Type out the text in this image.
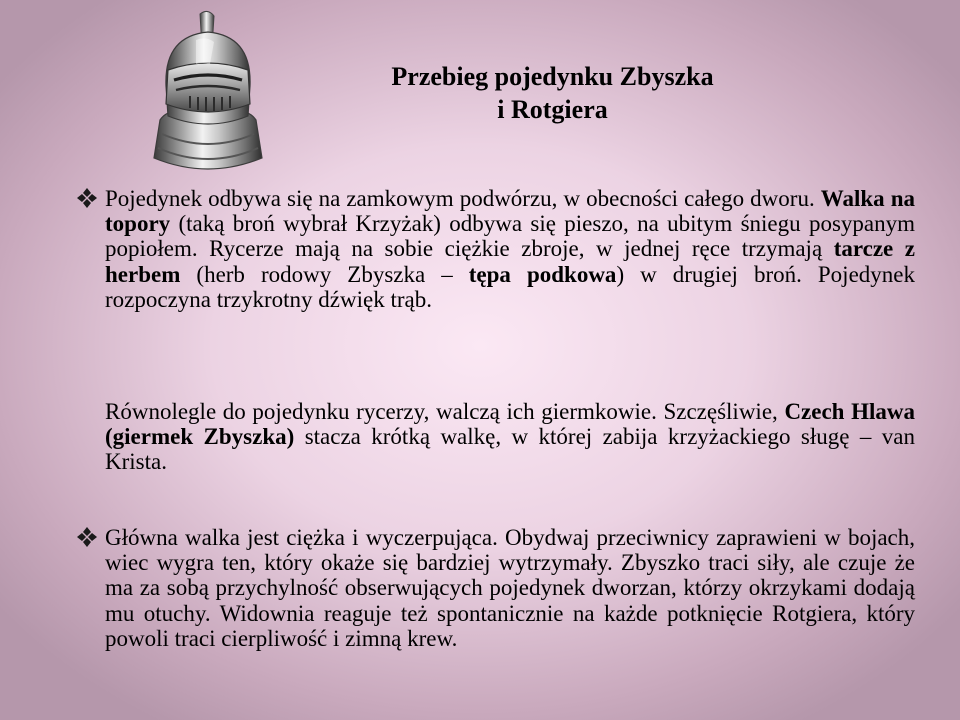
Przebieg pojedynku Zbyszka
i Rotgiera
Pojedynek odbywa się na zamkowym podwórzu, w obecności całego dworu. Walka na topory (taką broń wybrał Krzyżak) odbywa się pieszo, na ubitym śniegu posypanym popiołem. Rycerze mają na sobie ciężkie zbroje, w jednej ręce trzymają tarcze z herbem (herb rodowy Zbyszka – tępa podkowa) w drugiej broń. Pojedynek rozpoczyna trzykrotny dźwięk trąb.
Równolegle do pojedynku rycerzy, walczą ich giermkowie. Szczęśliwie, Czech Hlawa (giermek Zbyszka) stacza krótką walkę, w której zabija krzyżackiego sługę – van Krista.
Główna walka jest ciężka i wyczerpująca. Obydwaj przeciwnicy zaprawieni w bojach, wiec wygra ten, który okaże się bardziej wytrzymały. Zbyszko traci siły, ale czuje że ma za sobą przychylność obserwujących pojedynek dworzan, którzy okrzykami dodają mu otuchy. Widownia reaguje też spontanicznie na każde potknięcie Rotgiera, który powoli traci cierpliwość i zimną krew.
